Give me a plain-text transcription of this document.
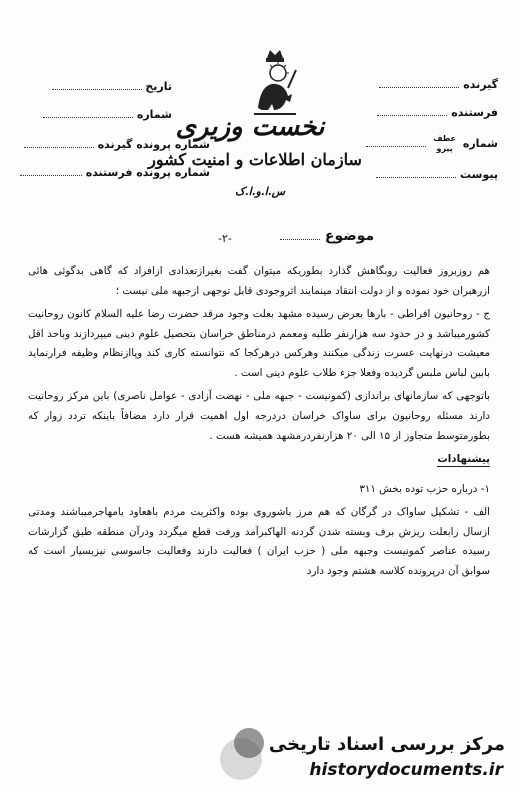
تاریخ
شماره
شماره پرونده گیرنده
شماره پرونده فرستنده
گیرنده
فرستنده
شماره عطف
پیرو
پیوست
نخست وزیری
سازمان اطلاعات و امنیت کشور
س.ا.و.ا.ک
موضوع
-۲-

هم روزبروز فعالیت روبگاهش گذارد بطوریکه میتوان گفت بغیرازتعدادی ازافراد که گاهی بدگوئی هائی ازرهبران خود نموده و از دولت انتقاد مینمایند اثروجودی قابل توجهی ازجبهه ملی نیست ؛

ج - روحانیون افراطی - بارها بعرض رسیده مشهد بعلت وجود مرقد حضرت رضا علیه السلام کانون روحانیت کشورمیباشد و در حدود سه هزارنفر طلبه ومعمم درمناطق خراسان بتحصیل علوم دینی میپردازند وباحد اقل معیشت درنهایت عسرت زندگی میکنند وهرکس درهرکجا که نتوانسته کاری کند وپاازنظام وظیفه فرارنماید بابین لباس ملبس گردیده وفعلا جزء طلاب علوم دینی است .

باتوجهی که سازمانهای براندازی (کمونیست - جبهه ملی - نهضت آزادی - عوامل ناصری) باین مرکز روحانیت دارند مسئله روحانیون برای ساواک خراسان دردرجه اول اهمیت قرار دارد مضافاً باینکه تردد زوار که بطورمتوسط متجاوز از ۱۵ الی ۲۰ هزارنفردرمشهد همیشه هست .

پیشنهادات

۱- درباره حزب توده بخش ۳۱۱

الف - تشکیل ساواک در گرگان که هم مرز باشوروی بوده واکثریت مردم باهعاود یامهاجرمیباشند ومدتی ازسال رابعلت ریزش برف وبسته شدن گردنه الهاکبرآمد ورفت قطع میگردد ودرآن منطقه طبق گزارشات رسیده عناصر کمونیست وجبهه ملی ( حزب ایران ) فعالیت دارند وفعالیت جاسوسی نیزبسیار است که سوابق آن درپرونده کلاسه هشتم وجود دارد

مرکز بررسی اسناد تاریخی
historydocuments.ir
